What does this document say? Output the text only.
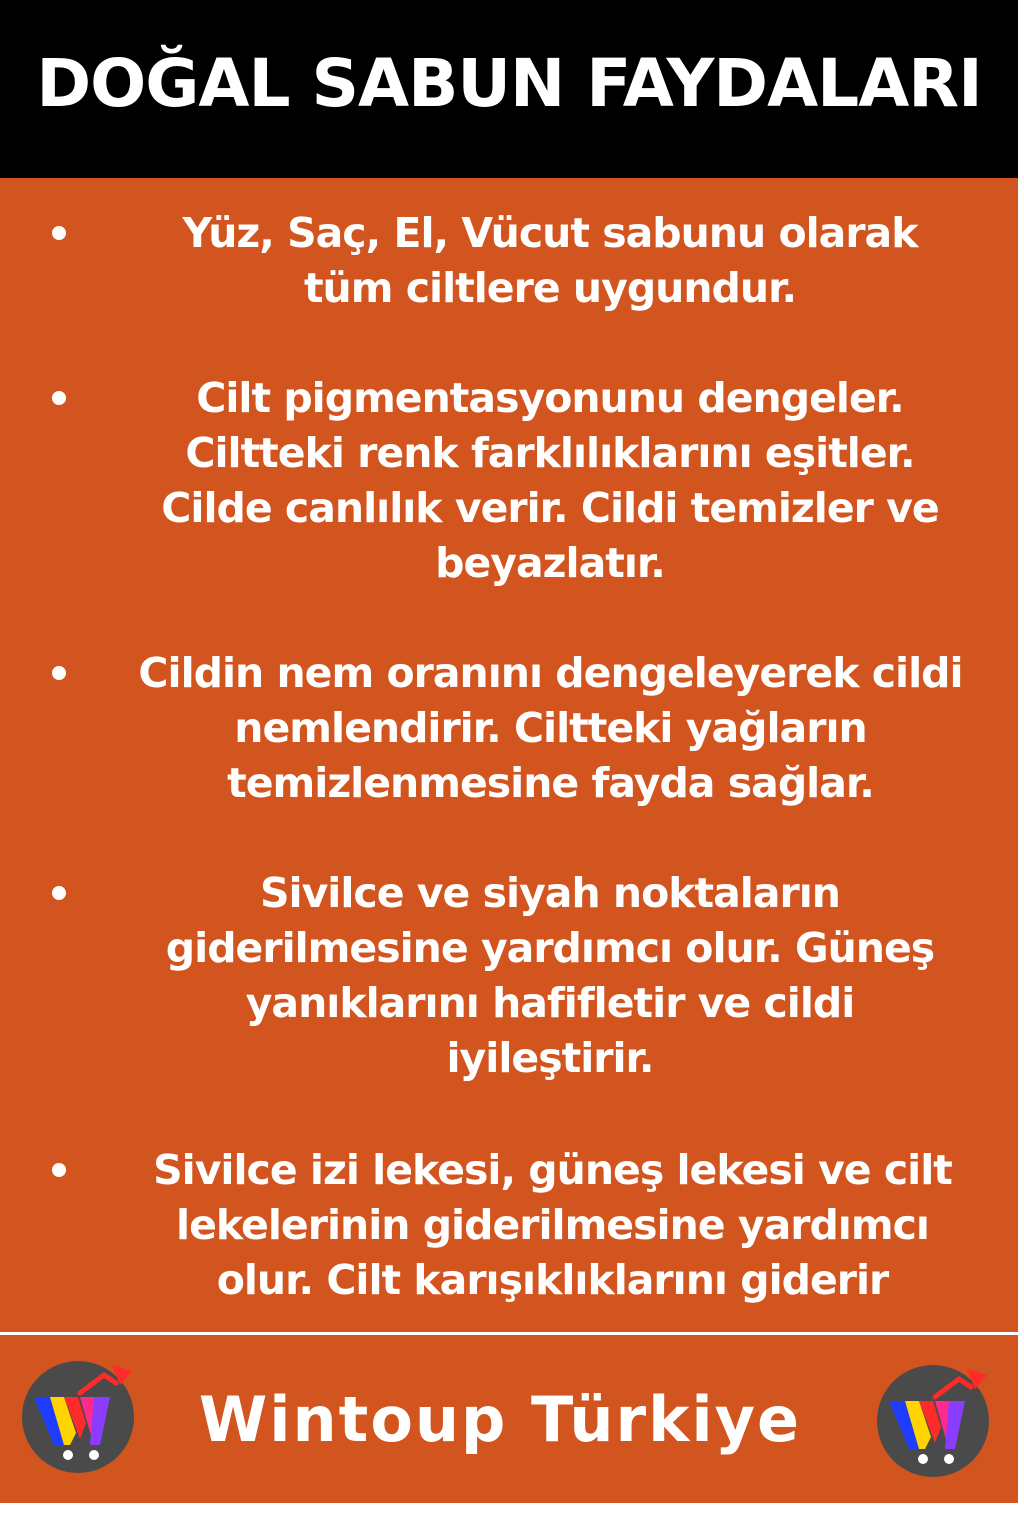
DOĞAL SABUN FAYDALARI
Yüz, Saç, El, Vücut sabunu olarak
tüm ciltlere uygundur.
Cilt pigmentasyonunu dengeler.
Ciltteki renk farklılıklarını eşitler.
Cilde canlılık verir. Cildi temizler ve
beyazlatır.
Cildin nem oranını dengeleyerek cildi
nemlendirir. Ciltteki yağların
temizlenmesine fayda sağlar.
Sivilce ve siyah noktaların
giderilmesine yardımcı olur. Güneş
yanıklarını hafifletir ve cildi
iyileştirir.
Sivilce izi lekesi, güneş lekesi ve cilt
lekelerinin giderilmesine yardımcı
olur. Cilt karışıklıklarını giderir
Wintoup Türkiye
